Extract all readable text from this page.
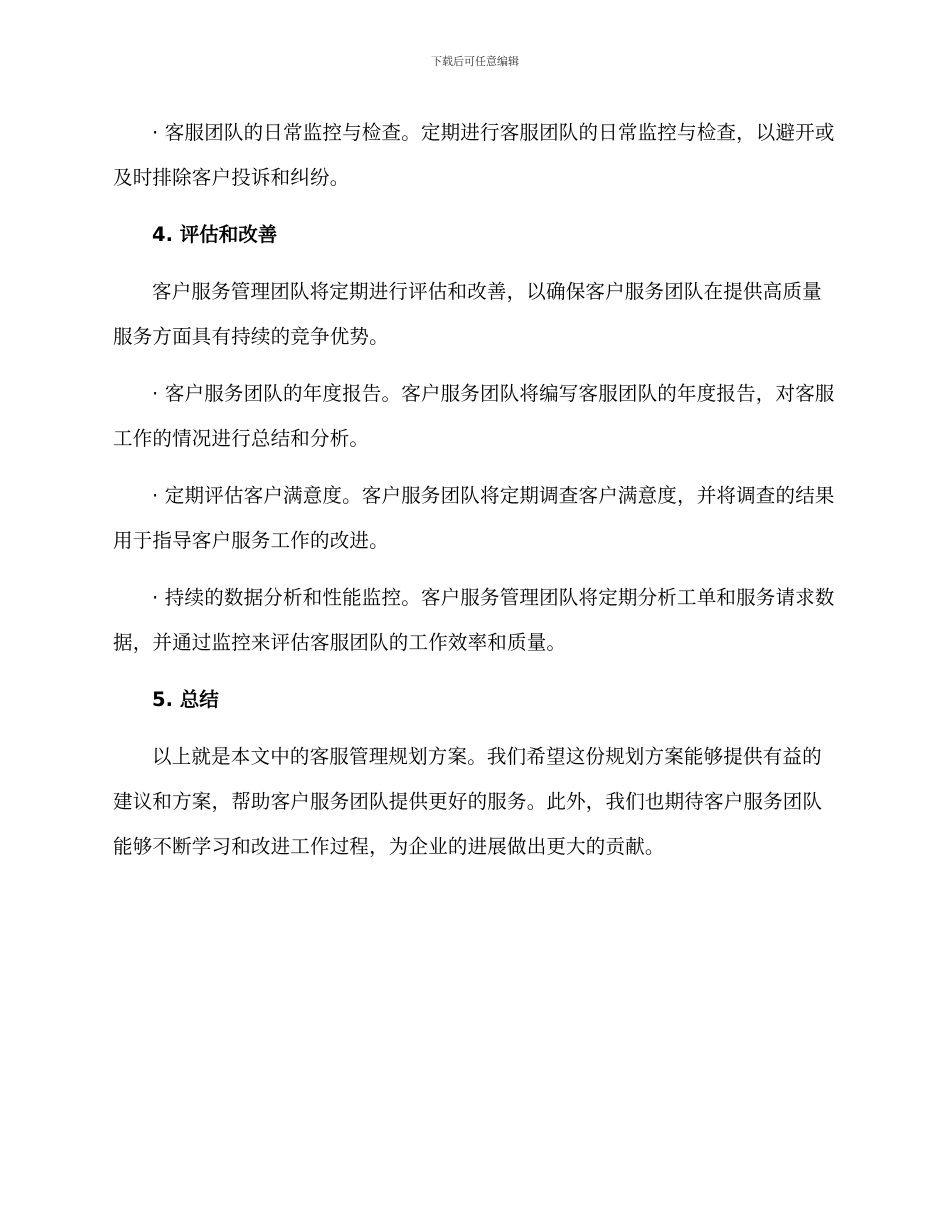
下载后可任意编辑

· 客服团队的日常监控与检查。定期进行客服团队的日常监控与检查，以避开或及时排除客户投诉和纠纷。

4. 评估和改善

客户服务管理团队将定期进行评估和改善，以确保客户服务团队在提供高质量服务方面具有持续的竞争优势。

· 客户服务团队的年度报告。客户服务团队将编写客服团队的年度报告，对客服工作的情况进行总结和分析。

· 定期评估客户满意度。客户服务团队将定期调查客户满意度，并将调查的结果用于指导客户服务工作的改进。

· 持续的数据分析和性能监控。客户服务管理团队将定期分析工单和服务请求数据，并通过监控来评估客服团队的工作效率和质量。

5. 总结

以上就是本文中的客服管理规划方案。我们希望这份规划方案能够提供有益的建议和方案，帮助客户服务团队提供更好的服务。此外，我们也期待客户服务团队能够不断学习和改进工作过程，为企业的进展做出更大的贡献。
